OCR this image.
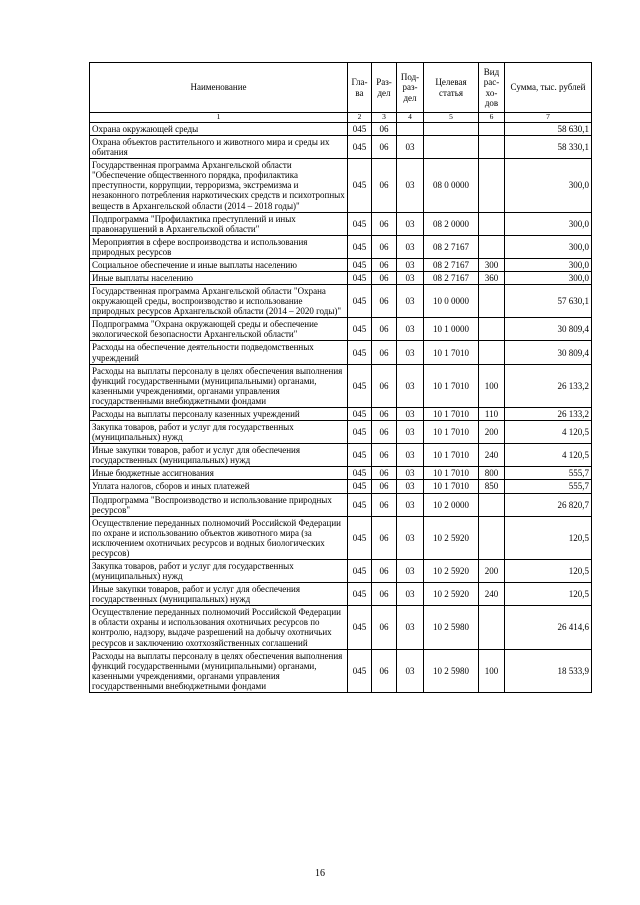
Наименование	Гла-ва	Раз-дел	Под-раз-дел	Целевая статья	Вид рас-хо-дов	Сумма, тыс. рублей
1	2	3	4	5	6	7
Охрана окружающей среды	045	06				58 630,1
Охрана объектов растительного и животного мира и среды их обитания	045	06	03			58 330,1
Государственная программа Архангельской области "Обеспечение общественного порядка, профилактика преступности, коррупции, терроризма, экстремизма и незаконного потребления наркотических средств и психотропных веществ в Архангельской области (2014 – 2018 годы)"	045	06	03	08 0 0000		300,0
Подпрограмма "Профилактика преступлений и иных правонарушений в Архангельской области"	045	06	03	08 2 0000		300,0
Мероприятия в сфере воспроизводства и использования природных ресурсов	045	06	03	08 2 7167		300,0
Социальное обеспечение и иные выплаты населению	045	06	03	08 2 7167	300	300,0
Иные выплаты населению	045	06	03	08 2 7167	360	300,0
Государственная программа Архангельской области "Охрана окружающей среды, воспроизводство и использование природных ресурсов Архангельской области (2014 – 2020 годы)"	045	06	03	10 0 0000		57 630,1
Подпрограмма "Охрана окружающей среды и обеспечение экологической безопасности Архангельской области"	045	06	03	10 1 0000		30 809,4
Расходы на обеспечение деятельности подведомственных учреждений	045	06	03	10 1 7010		30 809,4
Расходы на выплаты персоналу в целях обеспечения выполнения функций государственными (муниципальными) органами, казенными учреждениями, органами управления государственными внебюджетными фондами	045	06	03	10 1 7010	100	26 133,2
Расходы на выплаты персоналу казенных учреждений	045	06	03	10 1 7010	110	26 133,2
Закупка товаров, работ и услуг для государственных (муниципальных) нужд	045	06	03	10 1 7010	200	4 120,5
Иные закупки товаров, работ и услуг для обеспечения государственных (муниципальных) нужд	045	06	03	10 1 7010	240	4 120,5
Иные бюджетные ассигнования	045	06	03	10 1 7010	800	555,7
Уплата налогов, сборов и иных платежей	045	06	03	10 1 7010	850	555,7
Подпрограмма "Воспроизводство и использование природных ресурсов"	045	06	03	10 2 0000		26 820,7
Осуществление переданных полномочий Российской Федерации по охране и использованию объектов животного мира (за исключением охотничьих ресурсов и водных биологических ресурсов)	045	06	03	10 2 5920		120,5
Закупка товаров, работ и услуг для государственных (муниципальных) нужд	045	06	03	10 2 5920	200	120,5
Иные закупки товаров, работ и услуг для обеспечения государственных (муниципальных) нужд	045	06	03	10 2 5920	240	120,5
Осуществление переданных полномочий Российской Федерации в области охраны и использования охотничьих ресурсов по контролю, надзору, выдаче разрешений на добычу охотничьих ресурсов и заключению охотхозяйственных соглашений	045	06	03	10 2 5980		26 414,6
Расходы на выплаты персоналу в целях обеспечения выполнения функций государственными (муниципальными) органами, казенными учреждениями, органами управления государственными внебюджетными фондами	045	06	03	10 2 5980	100	18 533,9
16
